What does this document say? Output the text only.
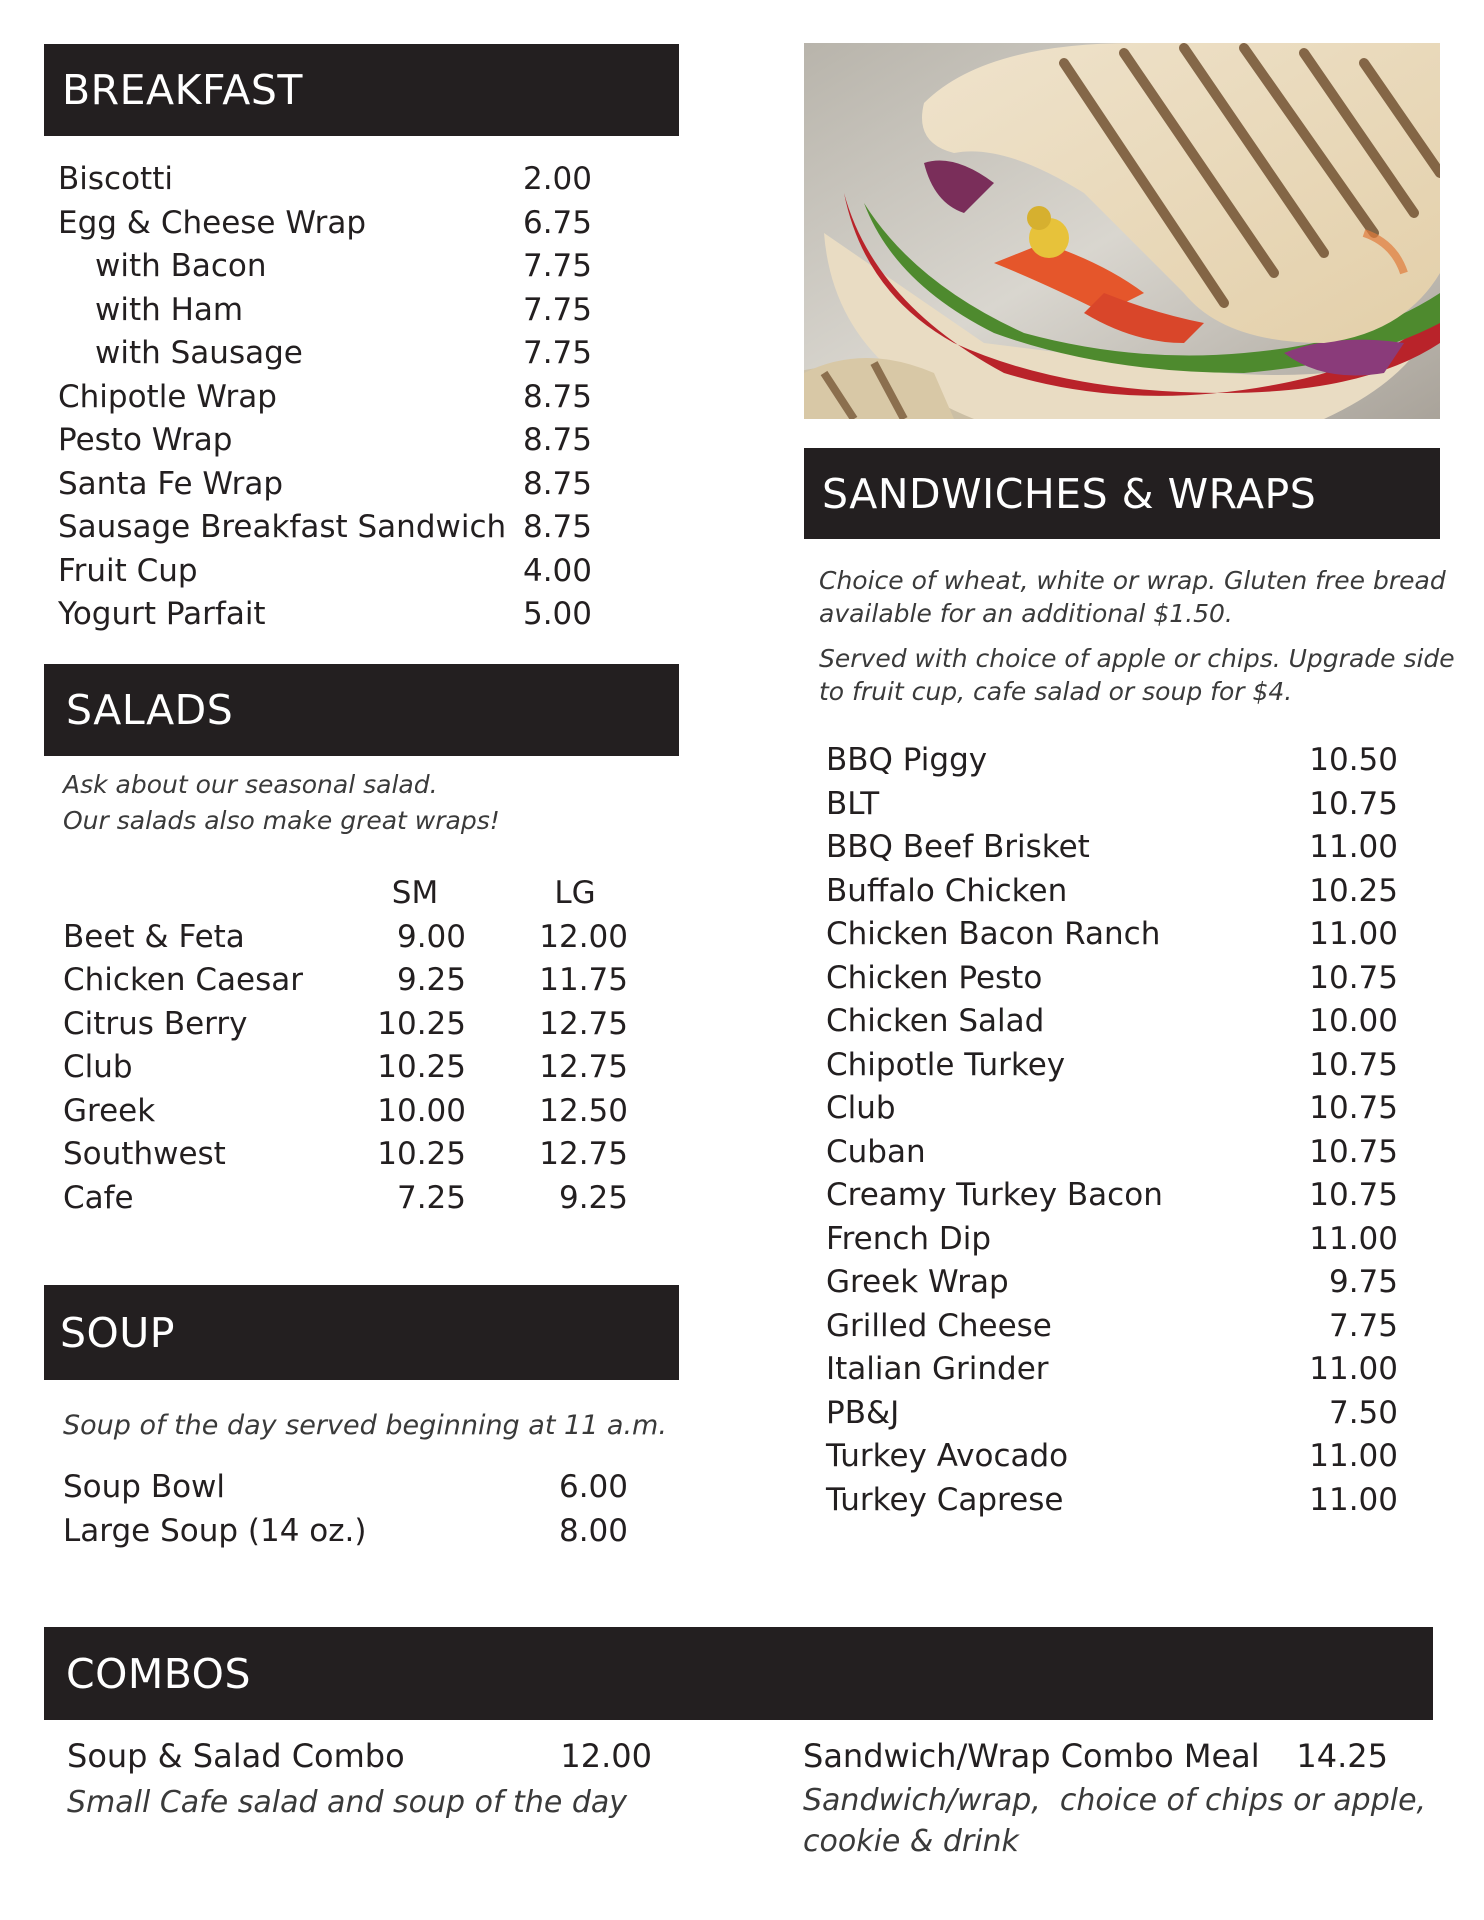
BREAKFAST
Biscotti	2.00
Egg & Cheese Wrap	6.75
with Bacon	7.75
with Ham	7.75
with Sausage	7.75
Chipotle Wrap	8.75
Pesto Wrap	8.75
Santa Fe Wrap	8.75
Sausage Breakfast Sandwich 8.75
Fruit Cup	4.00
Yogurt Parfait	5.00
SALADS
Ask about our seasonal salad.
Our salads also make great wraps!
SM	LG
Beet & Feta	9.00	12.00
Chicken Caesar	9.25	11.75
Citrus Berry	10.25	12.75
Club	10.25	12.75
Greek	10.00	12.50
Southwest	10.25	12.75
Cafe	7.25	9.25
SOUP
Soup of the day served beginning at 11 a.m.
Soup Bowl	6.00
Large Soup (14 oz.)	8.00
SANDWICHES & WRAPS
Choice of wheat, white or wrap. Gluten free bread
available for an additional $1.50.
Served with choice of apple or chips. Upgrade side
to fruit cup, cafe salad or soup for $4.
BBQ Piggy	10.50
BLT	10.75
BBQ Beef Brisket	11.00
Buffalo Chicken	10.25
Chicken Bacon Ranch	11.00
Chicken Pesto	10.75
Chicken Salad	10.00
Chipotle Turkey	10.75
Club	10.75
Cuban	10.75
Creamy Turkey Bacon	10.75
French Dip	11.00
Greek Wrap	9.75
Grilled Cheese	7.75
Italian Grinder	11.00
PB&J	7.50
Turkey Avocado	11.00
Turkey Caprese	11.00
COMBOS
Soup & Salad Combo	12.00
Small Cafe salad and soup of the day
Sandwich/Wrap Combo Meal 14.25
Sandwich/wrap,  choice of chips or apple,
cookie & drink
